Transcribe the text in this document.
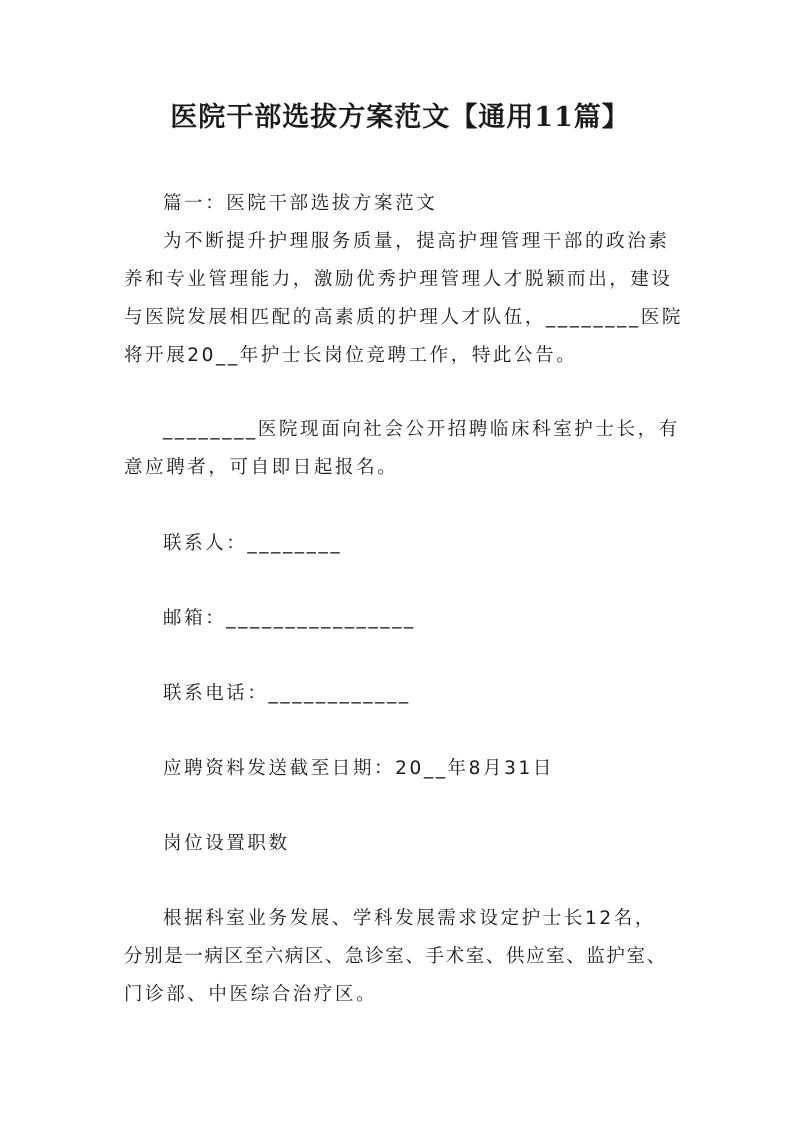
医院干部选拔方案范文【通用11篇】
篇一：医院干部选拔方案范文
为不断提升护理服务质量，提高护理管理干部的政治素
养和专业管理能力，激励优秀护理管理人才脱颖而出，建设
与医院发展相匹配的高素质的护理人才队伍，________医院
将开展20__年护士长岗位竞聘工作，特此公告。
________医院现面向社会公开招聘临床科室护士长，有
意应聘者，可自即日起报名。
联系人：________
邮箱：________________
联系电话：____________
应聘资料发送截至日期：20__年8月31日
岗位设置职数
根据科室业务发展、学科发展需求设定护士长12名，
分别是一病区至六病区、急诊室、手术室、供应室、监护室、
门诊部、中医综合治疗区。
